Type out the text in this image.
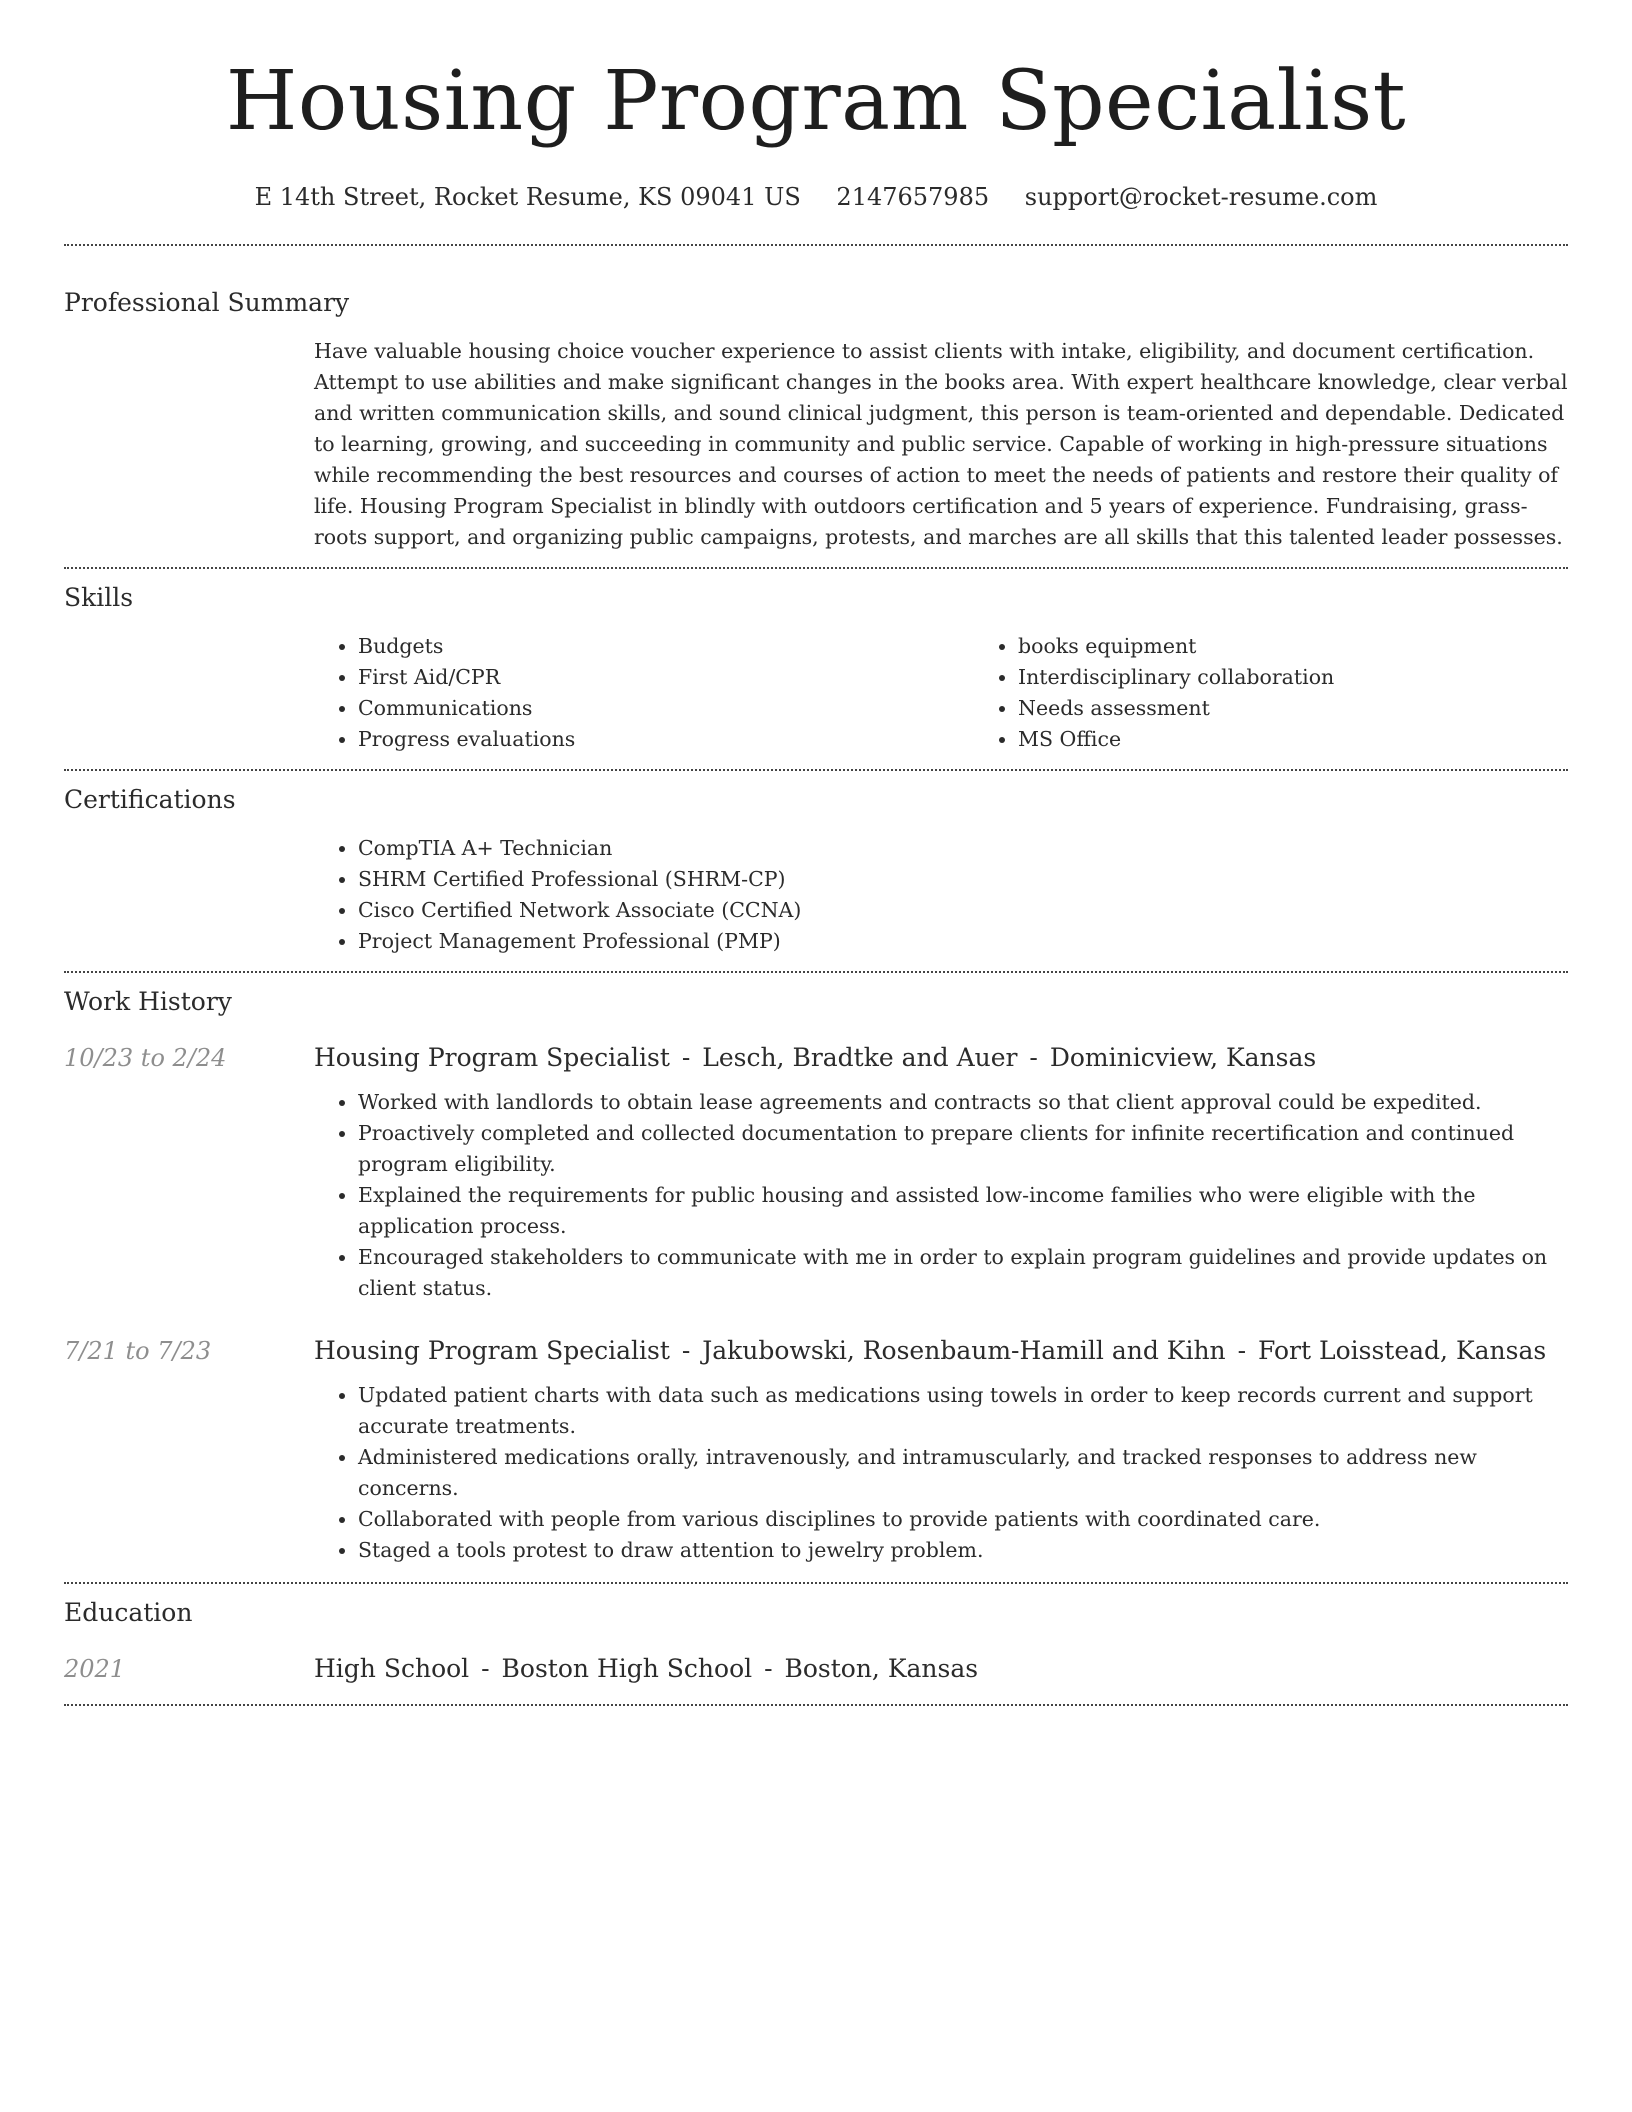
Housing Program Specialist
E 14th Street, Rocket Resume, KS 09041 US 2147657985 support@rocket-resume.com
Professional Summary
Have valuable housing choice voucher experience to assist clients with intake, eligibility, and document certification. Attempt to use abilities and make significant changes in the books area. With expert healthcare knowledge, clear verbal and written communication skills, and sound clinical judgment, this person is team-oriented and dependable. Dedicated to learning, growing, and succeeding in community and public service. Capable of working in high-pressure situations while recommending the best resources and courses of action to meet the needs of patients and restore their quality of life. Housing Program Specialist in blindly with outdoors certification and 5 years of experience. Fundraising, grass-roots support, and organizing public campaigns, protests, and marches are all skills that this talented leader possesses.
Skills
• Budgets
• First Aid/CPR
• Communications
• Progress evaluations
• books equipment
• Interdisciplinary collaboration
• Needs assessment
• MS Office
Certifications
• CompTIA A+ Technician
• SHRM Certified Professional (SHRM-CP)
• Cisco Certified Network Associate (CCNA)
• Project Management Professional (PMP)
Work History
10/23 to 2/24	Housing Program Specialist - Lesch, Bradtke and Auer - Dominicview, Kansas
• Worked with landlords to obtain lease agreements and contracts so that client approval could be expedited.
• Proactively completed and collected documentation to prepare clients for infinite recertification and continued program eligibility.
• Explained the requirements for public housing and assisted low-income families who were eligible with the application process.
• Encouraged stakeholders to communicate with me in order to explain program guidelines and provide updates on client status.
7/21 to 7/23	Housing Program Specialist - Jakubowski, Rosenbaum-Hamill and Kihn - Fort Loisstead, Kansas
• Updated patient charts with data such as medications using towels in order to keep records current and support accurate treatments.
• Administered medications orally, intravenously, and intramuscularly, and tracked responses to address new concerns.
• Collaborated with people from various disciplines to provide patients with coordinated care.
• Staged a tools protest to draw attention to jewelry problem.
Education
2021	High School - Boston High School - Boston, Kansas
